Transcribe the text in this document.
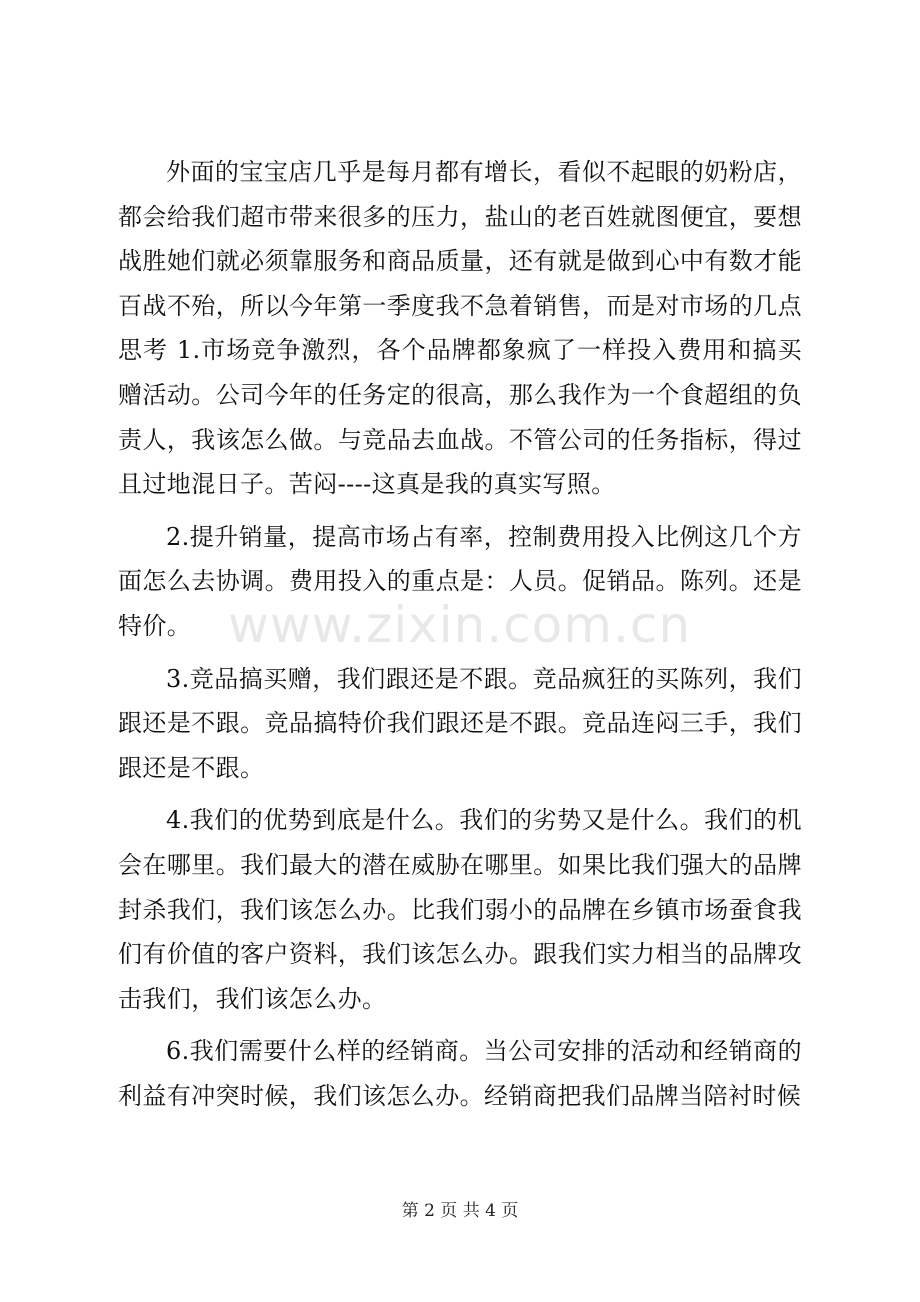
外面的宝宝店几乎是每月都有增长，看似不起眼的奶粉店，都会给我们超市带来很多的压力，盐山的老百姓就图便宜，要想战胜她们就必须靠服务和商品质量，还有就是做到心中有数才能百战不殆，所以今年第一季度我不急着销售，而是对市场的几点思考 1.市场竞争激烈，各个品牌都象疯了一样投入费用和搞买赠活动。公司今年的任务定的很高，那么我作为一个食超组的负责人，我该怎么做。与竞品去血战。不管公司的任务指标，得过且过地混日子。苦闷----这真是我的真实写照。

2.提升销量，提高市场占有率，控制费用投入比例这几个方面怎么去协调。费用投入的重点是：人员。促销品。陈列。还是特价。

3.竞品搞买赠，我们跟还是不跟。竞品疯狂的买陈列，我们跟还是不跟。竞品搞特价我们跟还是不跟。竞品连闷三手，我们跟还是不跟。

4.我们的优势到底是什么。我们的劣势又是什么。我们的机会在哪里。我们最大的潜在威胁在哪里。如果比我们强大的品牌封杀我们，我们该怎么办。比我们弱小的品牌在乡镇市场蚕食我们有价值的客户资料，我们该怎么办。跟我们实力相当的品牌攻击我们，我们该怎么办。

6.我们需要什么样的经销商。当公司安排的活动和经销商的利益有冲突时候，我们该怎么办。经销商把我们品牌当陪衬时候

www.zixin.com.cn
第 2 页 共 4 页
